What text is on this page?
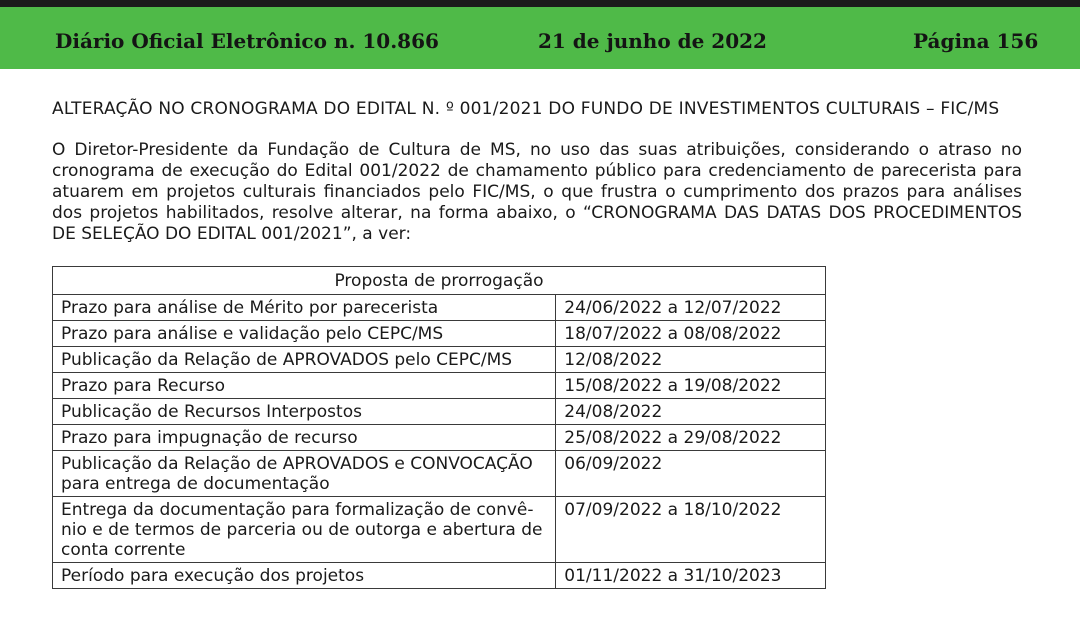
Diário Oficial Eletrônico n. 10.866	21 de junho de 2022	Página 156
ALTERAÇÃO NO CRONOGRAMA DO EDITAL N. º 001/2021 DO FUNDO DE INVESTIMENTOS CULTURAIS – FIC/MS

O Diretor-Presidente da Fundação de Cultura de MS, no uso das suas atribuições, considerando o atraso no cronograma de execução do Edital 001/2022 de chamamento público para credenciamento de parecerista para atuarem em projetos culturais financiados pelo FIC/MS, o que frustra o cumprimento dos prazos para análises dos projetos habilitados, resolve alterar, na forma abaixo, o “CRONOGRAMA DAS DATAS DOS PROCEDIMENTOS DE SELEÇÃO DO EDITAL 001/2021”, a ver:

Proposta de prorrogação	
Prazo para análise de Mérito por parecerista	24/06/2022 a 12/07/2022
Prazo para análise e validação pelo CEPC/MS	18/07/2022 a 08/08/2022
Publicação da Relação de APROVADOS pelo CEPC/MS	12/08/2022
Prazo para Recurso	15/08/2022 a 19/08/2022
Publicação de Recursos Interpostos	24/08/2022
Prazo para impugnação de recurso	25/08/2022 a 29/08/2022
Publicação da Relação de APROVADOS e CONVOCAÇÃO para entrega de documentação	06/09/2022
Entrega da documentação para formalização de convê-nio e de termos de parceria ou de outorga e abertura de conta corrente	07/09/2022 a 18/10/2022
Período para execução dos projetos	01/11/2022 a 31/10/2023
